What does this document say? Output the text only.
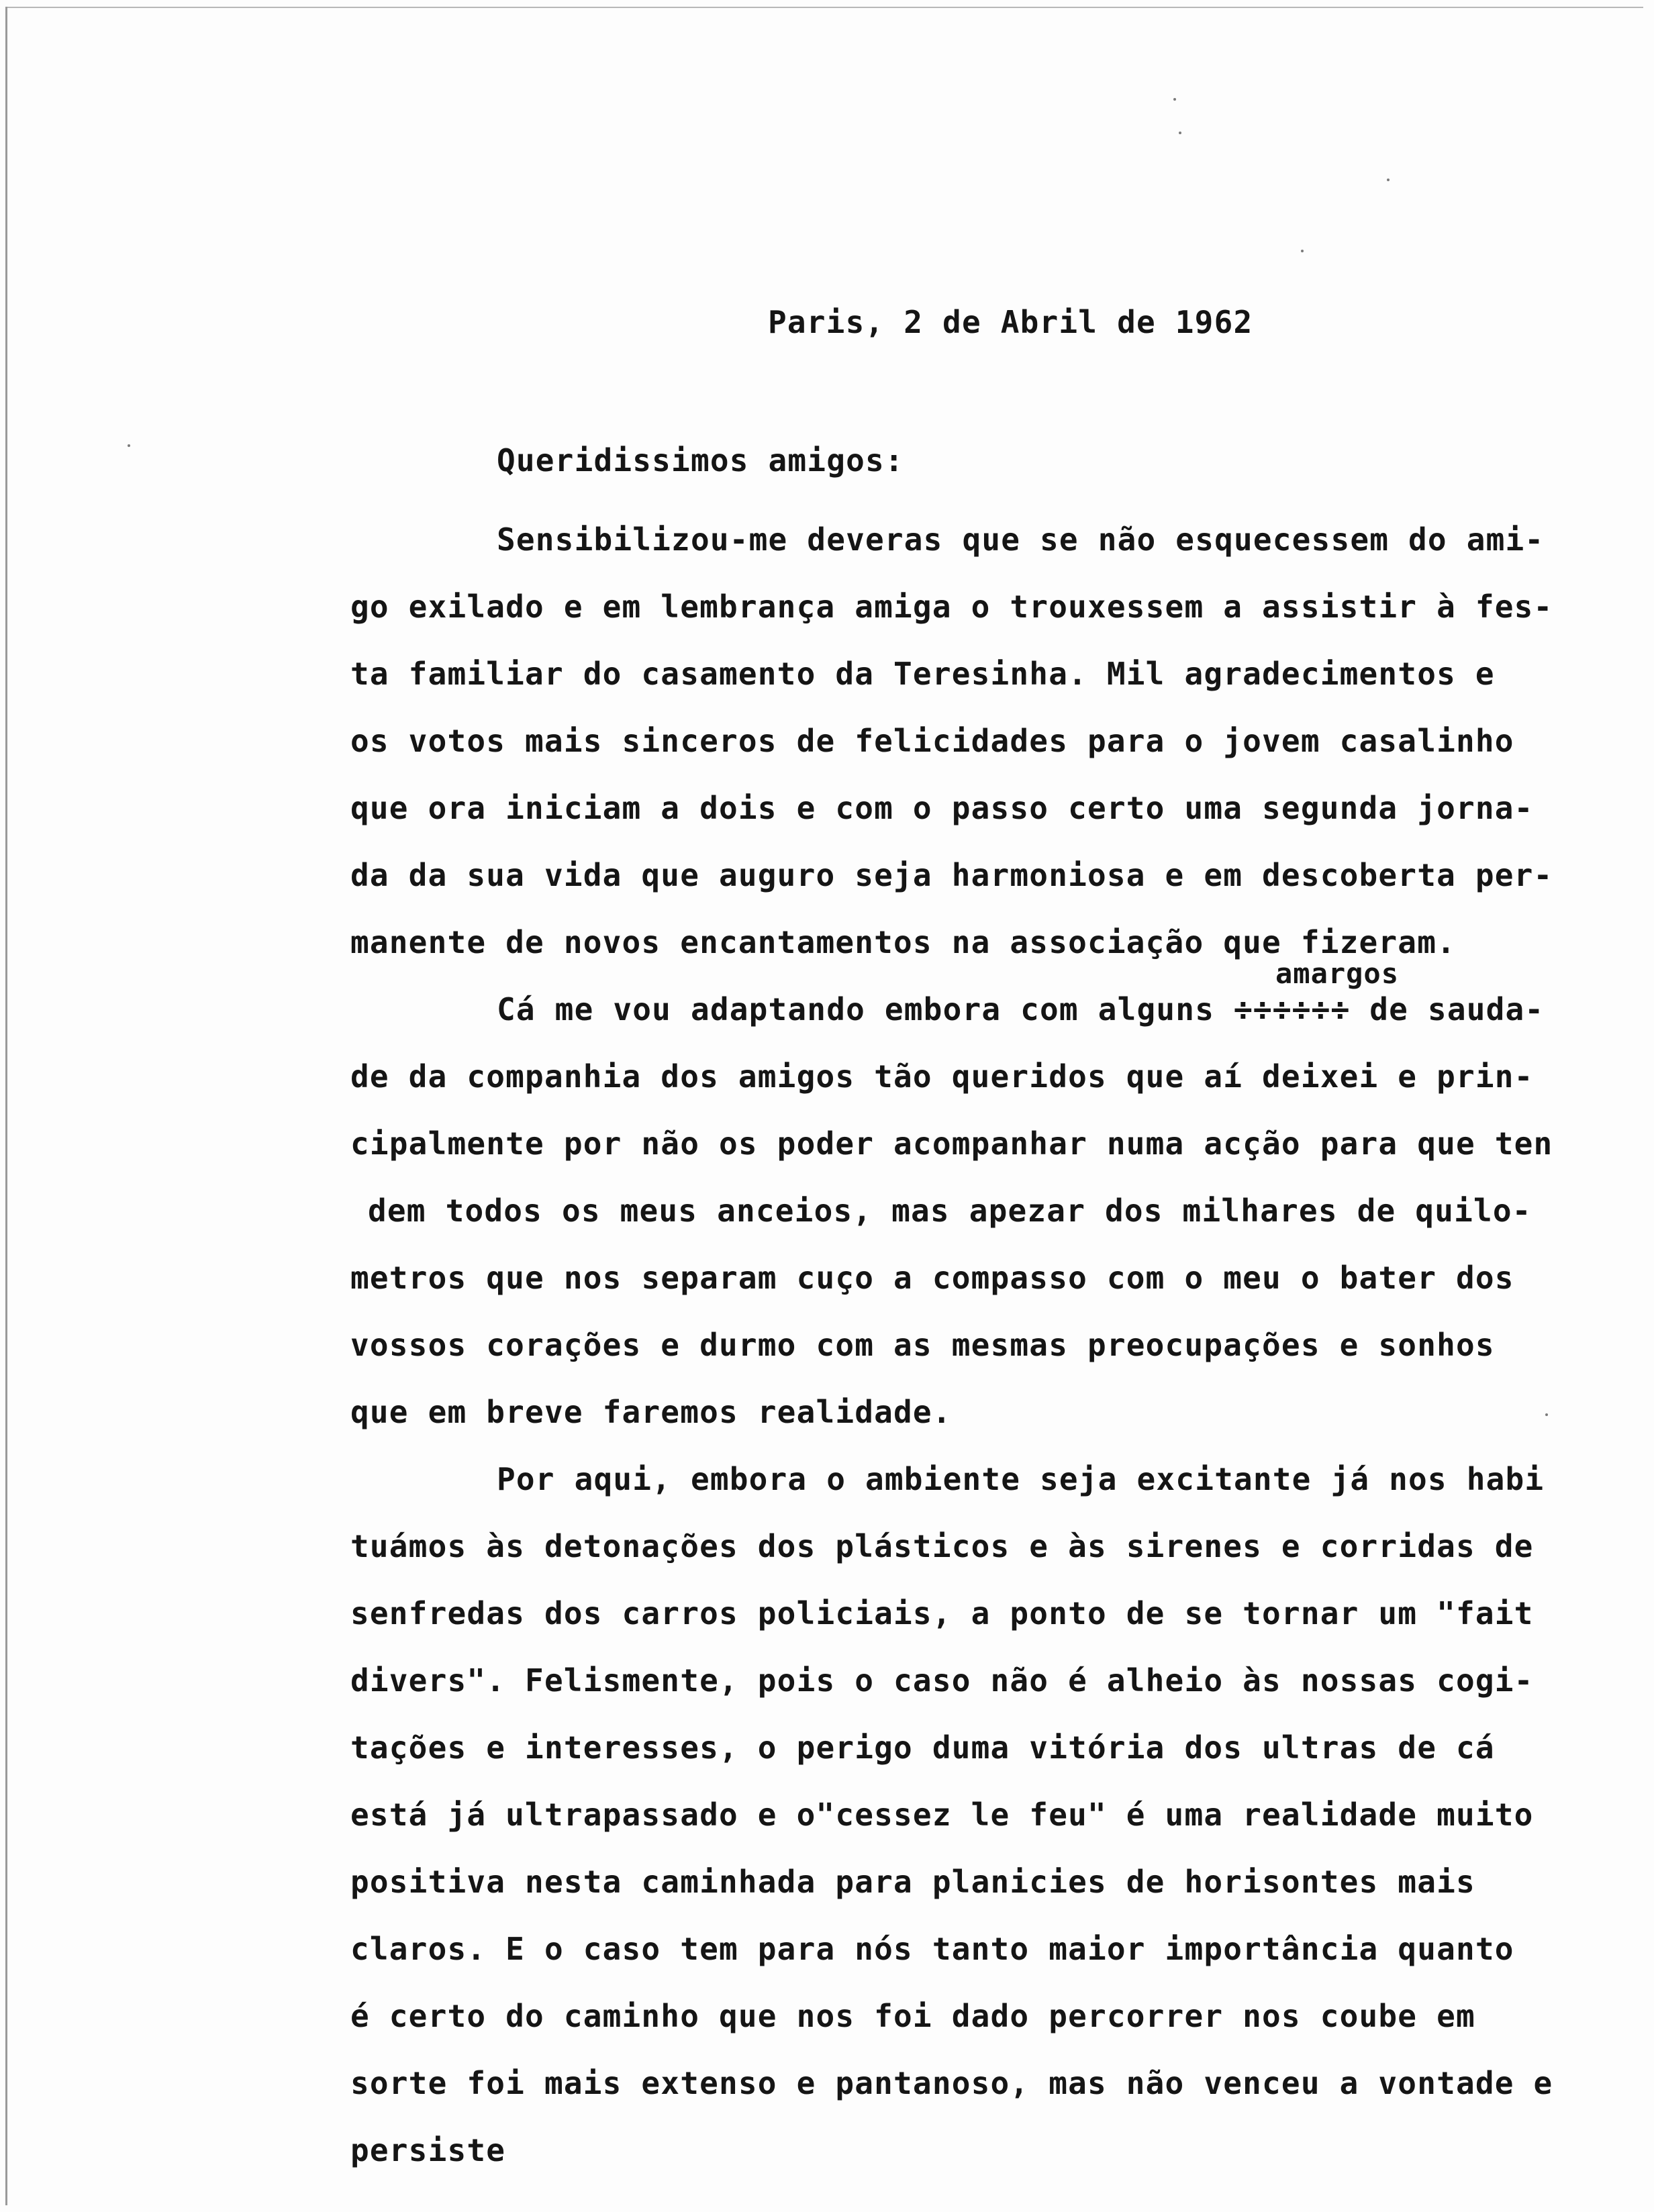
Paris, 2 de Abril de 1962
Queridissimos amigos:
amargos
Sensibilizou-me deveras que se não esquecessem do ami-
go exilado e em lembrança amiga o trouxessem a assistir à fes-
ta familiar do casamento da Teresinha. Mil agradecimentos e
os votos mais sinceros de felicidades para o jovem casalinho
que ora iniciam a dois e com o passo certo uma segunda jorna-
da da sua vida que auguro seja harmoniosa e em descoberta per-
manente de novos encantamentos na associação que fizeram.
Cá me vou adaptando embora com alguns ÷÷÷÷÷÷ de sauda-
de da companhia dos amigos tão queridos que aí deixei e prin-
cipalmente por não os poder acompanhar numa acção para que ten
dem todos os meus anceios, mas apezar dos milhares de quilo-
metros que nos separam cuço a compasso com o meu o bater dos
vossos corações e durmo com as mesmas preocupações e sonhos
que em breve faremos realidade.
Por aqui, embora o ambiente seja excitante já nos habi
tuámos às detonações dos plásticos e às sirenes e corridas de
senfredas dos carros policiais, a ponto de se tornar um "fait
divers". Felismente, pois o caso não é alheio às nossas cogi-
tações e interesses, o perigo duma vitória dos ultras de cá
está já ultrapassado e o"cessez le feu" é uma realidade muito
positiva nesta caminhada para planicies de horisontes mais
claros. E o caso tem para nós tanto maior importância quanto
é certo do caminho que nos foi dado percorrer nos coube em
sorte foi mais extenso e pantanoso, mas não venceu a vontade e
persiste
